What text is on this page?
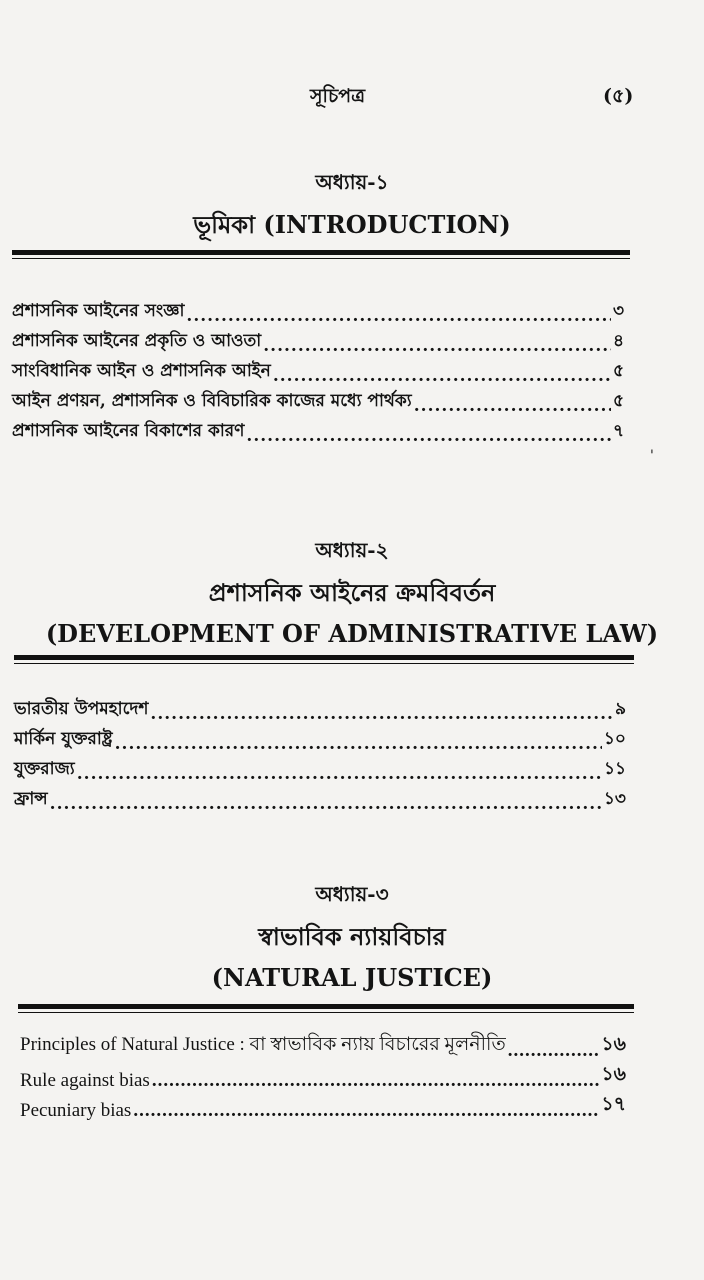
সূচিপত্র	(৫)
অধ্যায়-১
ভূমিকা (INTRODUCTION)
প্রশাসনিক আইনের সংজ্ঞা .....	৩
প্রশাসনিক আইনের প্রকৃতি ও আওতা .....	৪
সাংবিধানিক আইন ও প্রশাসনিক আইন .....	৫
আইন প্রণয়ন, প্রশাসনিক ও বিবিচারিক কাজের মধ্যে পার্থক্য .....	৫
প্রশাসনিক আইনের বিকাশের কারণ .....	৭
'
অধ্যায়-২
প্রশাসনিক আইনের ক্রমবিবর্তন
(DEVELOPMENT OF ADMINISTRATIVE LAW)
ভারতীয় উপমহাদেশ .....	৯
মার্কিন যুক্তরাষ্ট্র .....	১০
যুক্তরাজ্য .....	১১
ফ্রান্স .....	১৩
অধ্যায়-৩
স্বাভাবিক ন্যায়বিচার
(NATURAL JUSTICE)
Principles of Natural Justice : বা স্বাভাবিক ন্যায় বিচারের মূলনীতি .....	১৬
Rule against bias .....	১৬
Pecuniary bias .....	১৭
